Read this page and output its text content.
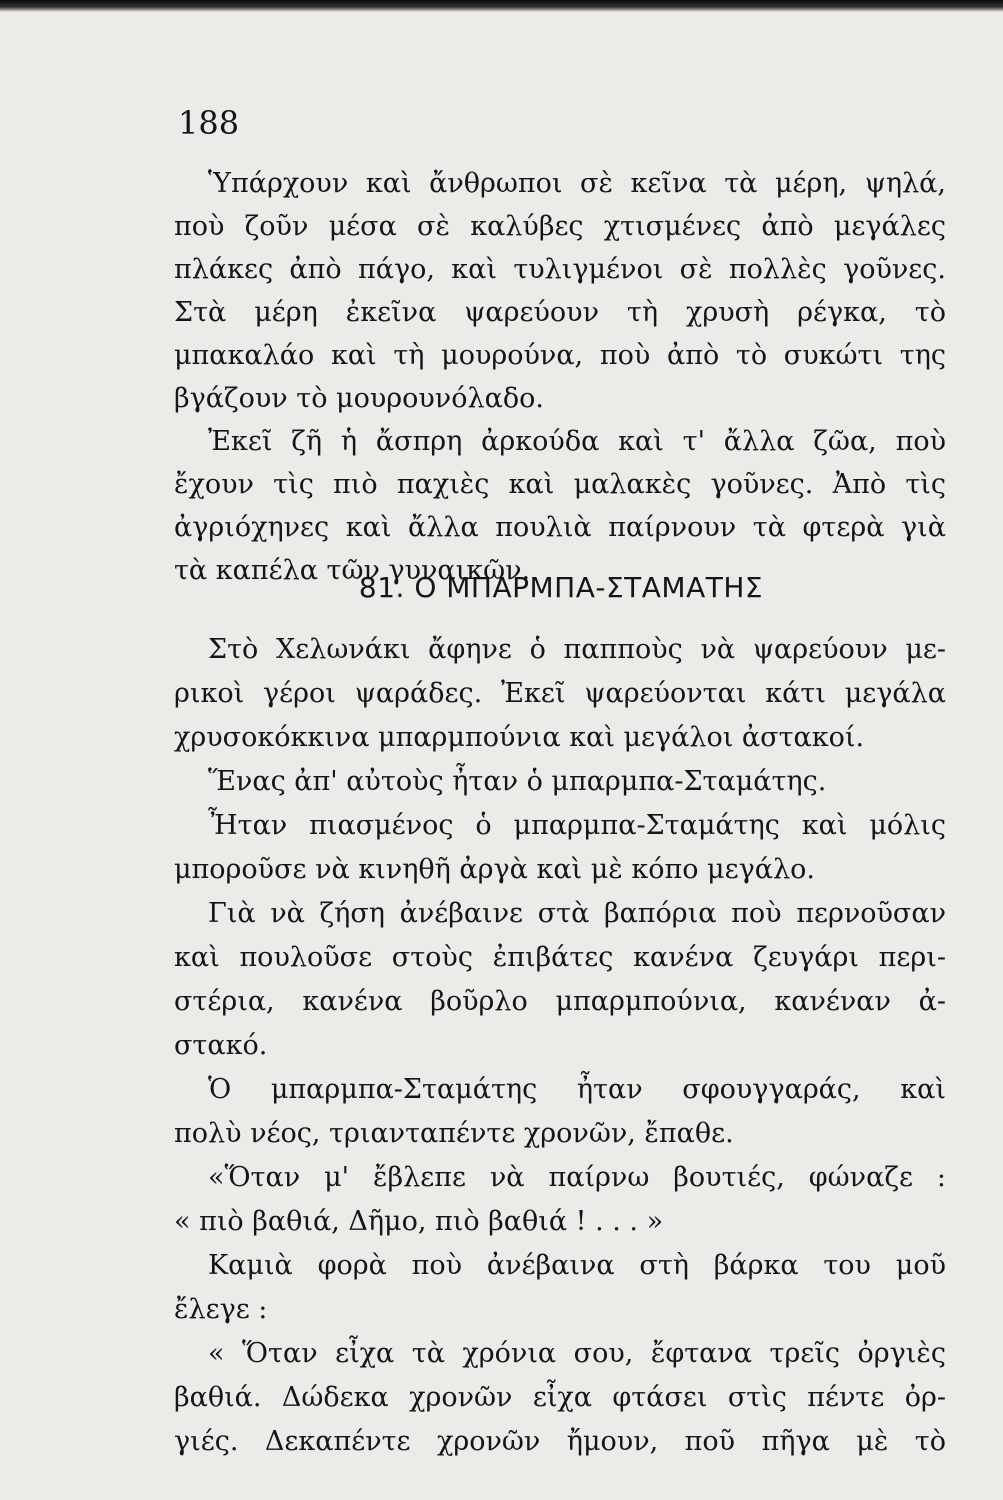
188
Ὑπάρχουν καὶ ἄνθρωποι σὲ κεῖνα τὰ μέρη, ψηλά,
ποὺ ζοῦν μέσα σὲ καλύβες χτισμένες ἀπὸ μεγάλες
πλάκες ἀπὸ πάγο, καὶ τυλιγμένοι σὲ πολλὲς γοῦνες.
Στὰ μέρη ἐκεῖνα ψαρεύουν τὴ χρυσὴ ρέγκα, τὸ
μπακαλάο καὶ τὴ μουρούνα, ποὺ ἀπὸ τὸ συκώτι της
βγάζουν τὸ μουρουνόλαδο.
Ἐκεῖ ζῆ ἡ ἄσπρη ἀρκούδα καὶ τ' ἄλλα ζῶα, ποὺ
ἔχουν τὶς πιὸ παχιὲς καὶ μαλακὲς γοῦνες. Ἀπὸ τὶς
ἀγριόχηνες καὶ ἄλλα πουλιὰ παίρνουν τὰ φτερὰ γιὰ
τὰ καπέλα τῶν γυναικῶν.
81. Ο ΜΠΑΡΜΠΑ-ΣΤΑΜΑΤΗΣ
Στὸ Χελωνάκι ἄφηνε ὁ παπποὺς νὰ ψαρεύουν με-
ρικοὶ γέροι ψαράδες. Ἐκεῖ ψαρεύονται κάτι μεγάλα
χρυσοκόκκινα μπαρμπούνια καὶ μεγάλοι ἀστακοί.
Ἕνας ἀπ' αὐτοὺς ἦταν ὁ μπαρμπα-Σταμάτης.
Ἦταν πιασμένος ὁ μπαρμπα-Σταμάτης καὶ μόλις
μποροῦσε νὰ κινηθῆ ἀργὰ καὶ μὲ κόπο μεγάλο.
Γιὰ νὰ ζήση ἀνέβαινε στὰ βαπόρια ποὺ περνοῦσαν
καὶ πουλοῦσε στοὺς ἐπιβάτες κανένα ζευγάρι περι-
στέρια, κανένα βοῦρλο μπαρμπούνια, κανέναν ἀ-
στακό.
Ὁ μπαρμπα-Σταμάτης ἦταν σφουγγαράς, καὶ
πολὺ νέος, τριανταπέντε χρονῶν, ἔπαθε.
«Ὅταν μ' ἔβλεπε νὰ παίρνω βουτιές, φώναζε :
« πιὸ βαθιά, Δῆμο, πιὸ βαθιά ! . . . »
Καμιὰ φορὰ ποὺ ἀνέβαινα στὴ βάρκα του μοῦ
ἔλεγε :
« Ὅταν εἶχα τὰ χρόνια σου, ἔφτανα τρεῖς ὀργιὲς
βαθιά. Δώδεκα χρονῶν εἶχα φτάσει στὶς πέντε ὀρ-
γιές. Δεκαπέντε χρονῶν ἤμουν, ποῦ πῆγα μὲ τὸ
